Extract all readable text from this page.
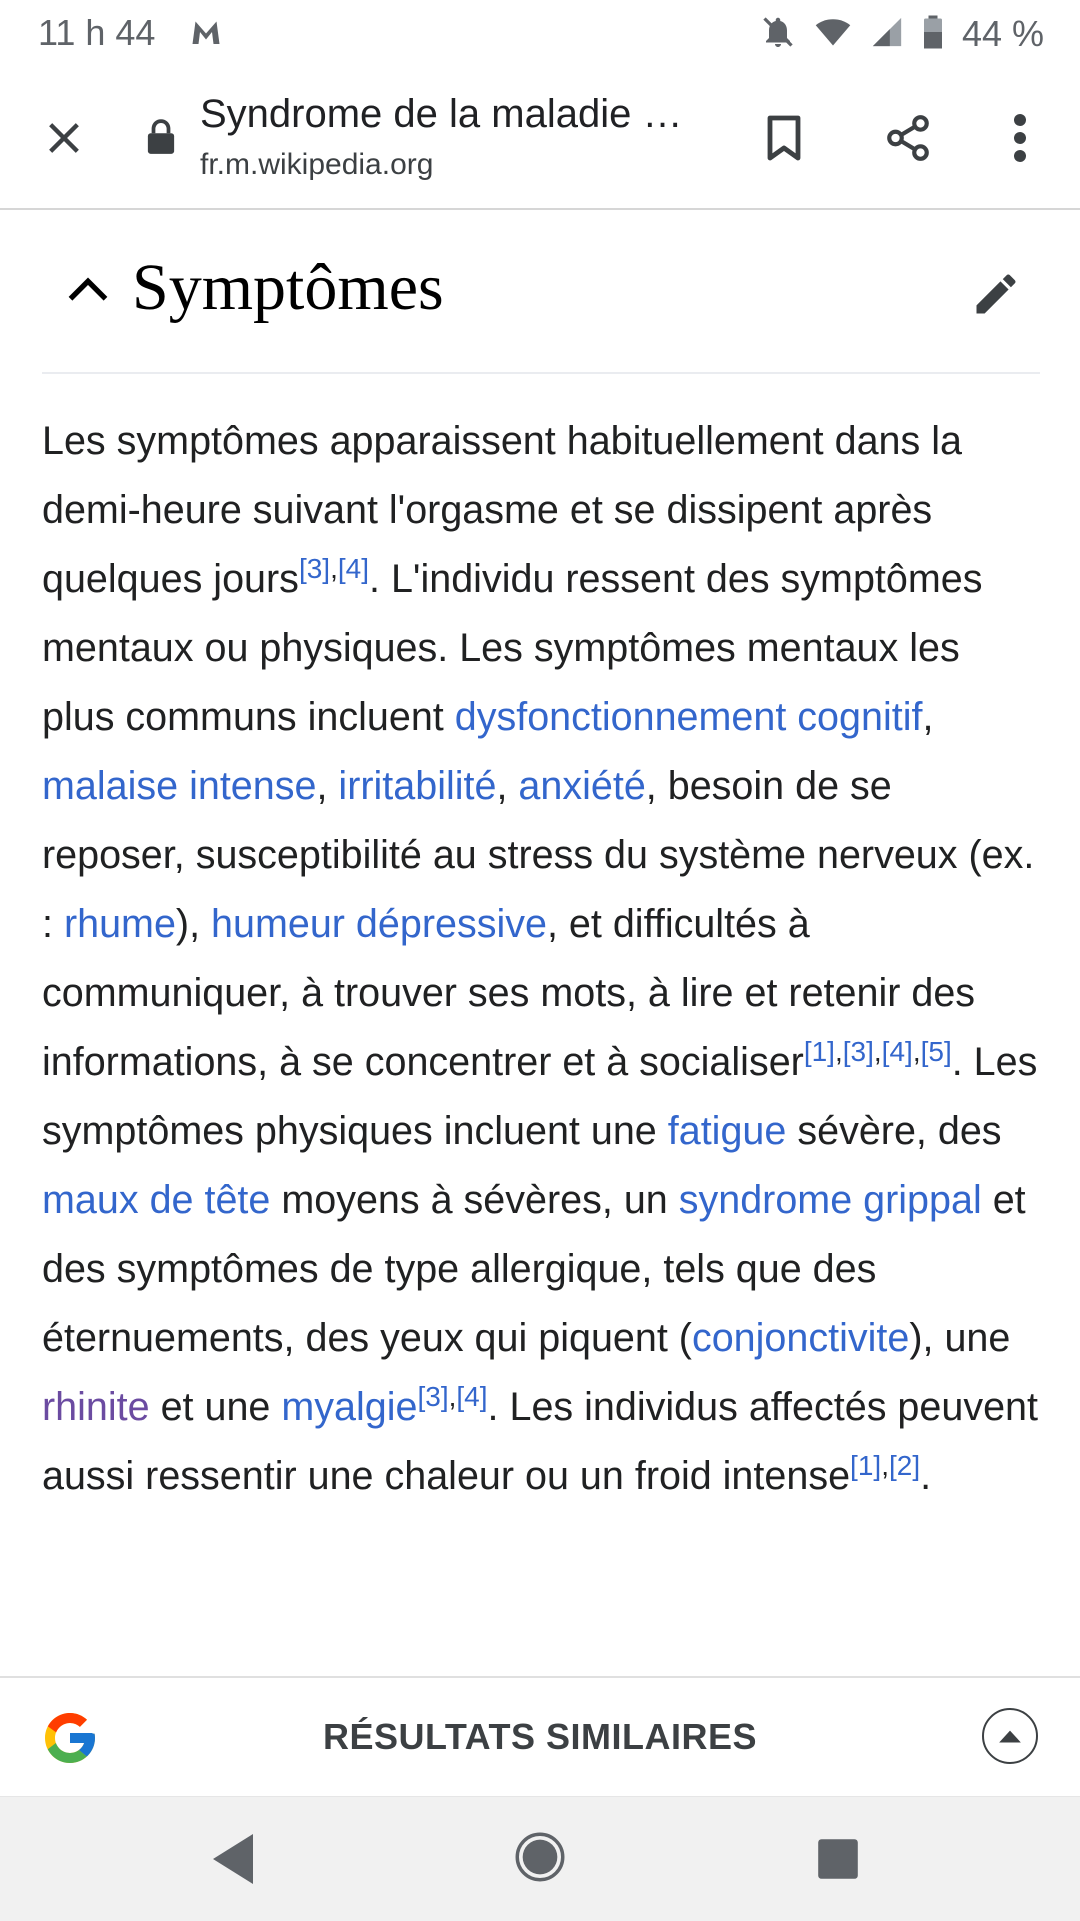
11 h 44	44 %
Syndrome de la maladie …
fr.m.wikipedia.org
Symptômes

Les symptômes apparaissent habituellement dans la demi-heure suivant l'orgasme et se dissipent après quelques jours[3],[4]. L'individu ressent des symptômes mentaux ou physiques. Les symptômes mentaux les plus communs incluent dysfonctionnement cognitif, malaise intense, irritabilité, anxiété, besoin de se reposer, susceptibilité au stress du système nerveux (ex. : rhume), humeur dépressive, et difficultés à communiquer, à trouver ses mots, à lire et retenir des informations, à se concentrer et à socialiser[1],[3],[4],[5]. Les symptômes physiques incluent une fatigue sévère, des maux de tête moyens à sévères, un syndrome grippal et des symptômes de type allergique, tels que des éternuements, des yeux qui piquent (conjonctivite), une rhinite et une myalgie[3],[4]. Les individus affectés peuvent aussi ressentir une chaleur ou un froid intense[1],[2].

RÉSULTATS SIMILAIRES
